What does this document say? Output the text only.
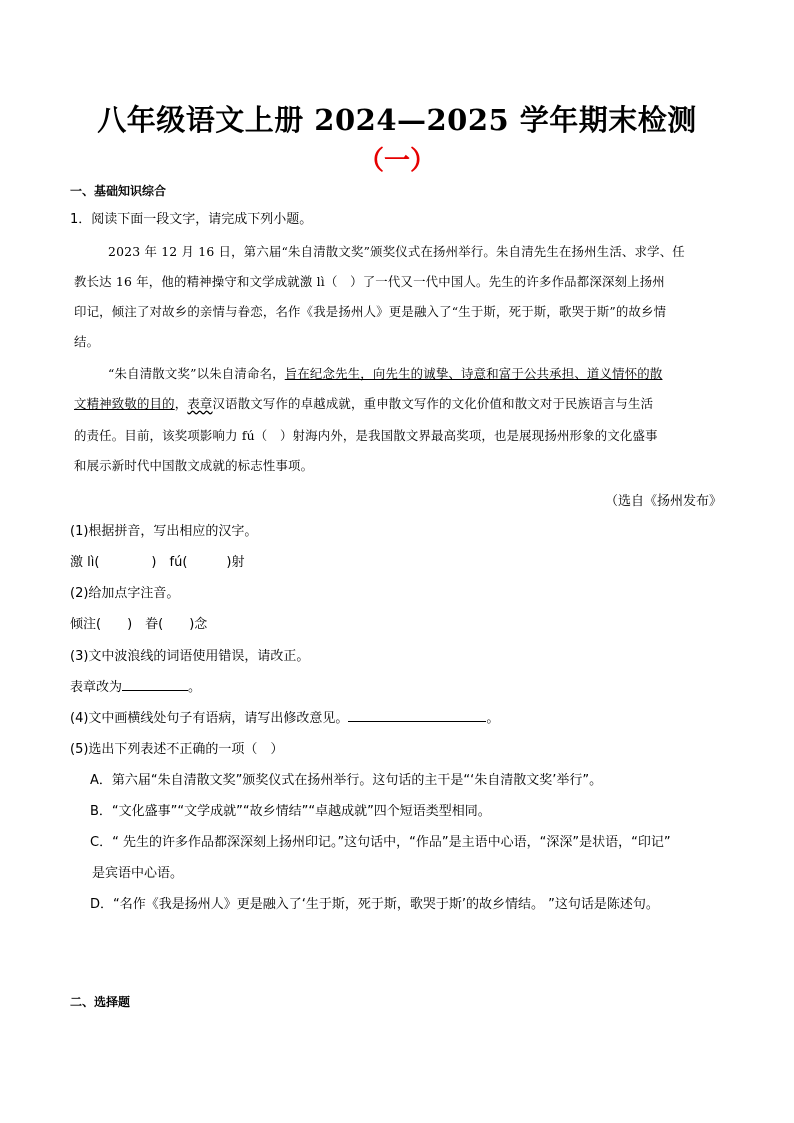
八年级语文上册 2024—2025 学年期末检测
（一）
一、基础知识综合
1．阅读下面一段文字，请完成下列小题。
2023 年 12 月 16 日，第六届“朱自清散文奖”颁奖仪式在扬州举行。朱自清先生在扬州生活、求学、任
教长达 16 年，他的精神操守和文学成就激 lì（　）了一代又一代中国人。先生的许多作品都深深刻上扬州
印记，倾注了对故乡的亲情与眷恋，名作《我是扬州人》更是融入了“生于斯，死于斯，歌哭于斯”的故乡情
结。
“朱自清散文奖”以朱自清命名，旨在纪念先生，向先生的诚挚、诗意和富于公共承担、道义情怀的散
文精神致敬的目的，表章汉语散文写作的卓越成就，重申散文写作的文化价值和散文对于民族语言与生活
的责任。目前，该奖项影响力 fú（　）射海内外，是我国散文界最高奖项，也是展现扬州形象的文化盛事
和展示新时代中国散文成就的标志性事项。
（选自《扬州发布》
(1)根据拼音，写出相应的汉字。
激 lì(　　　　)　fú(　　　)射
(2)给加点字注音。
倾注(　　)　眷(　　)念
(3)文中波浪线的词语使用错误，请改正。
表章改为	。
(4)文中画横线处句子有语病，请写出修改意见。	。
(5)选出下列表述不正确的一项（　）
A．第六届“朱自清散文奖”颁奖仪式在扬州举行。这句话的主干是“‘朱自清散文奖’举行”。
B．“文化盛事”“文学成就”“故乡情结”“卓越成就”四个短语类型相同。
C．“ 先生的许多作品都深深刻上扬州印记。”这句话中，“作品”是主语中心语，“深深”是状语，“印记”
是宾语中心语。
D．“名作《我是扬州人》更是融入了‘生于斯，死于斯，歌哭于斯’的故乡情结。 ”这句话是陈述句。
二、选择题
